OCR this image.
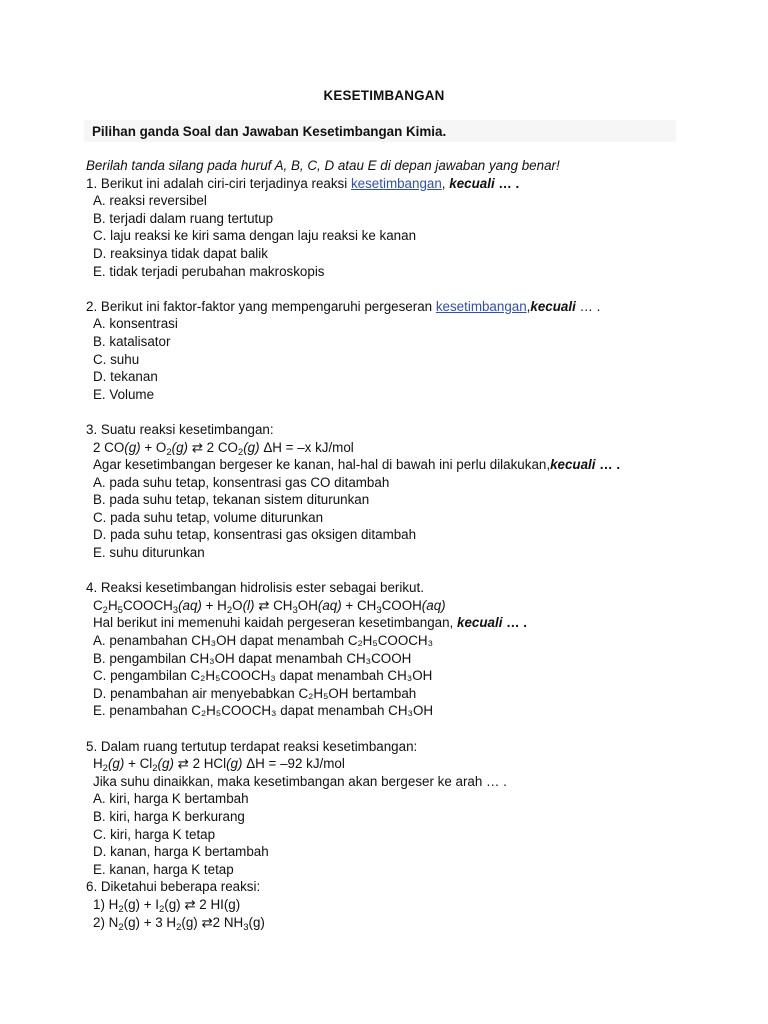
KESETIMBANGAN
Pilihan ganda Soal dan Jawaban Kesetimbangan Kimia.
Berilah tanda silang pada huruf A, B, C, D atau E di depan jawaban yang benar!
1. Berikut ini adalah ciri-ciri terjadinya reaksi kesetimbangan, kecuali … .
A. reaksi reversibel
B. terjadi dalam ruang tertutup
C. laju reaksi ke kiri sama dengan laju reaksi ke kanan
D. reaksinya tidak dapat balik
E. tidak terjadi perubahan makroskopis
2. Berikut ini faktor-faktor yang mempengaruhi pergeseran kesetimbangan,kecuali … .
A. konsentrasi
B. katalisator
C. suhu
D. tekanan
E. Volume
3. Suatu reaksi kesetimbangan:
2 $CO(g) + O_2(g)$ ⇄ 2 $CO_2(g) \Delta H = -x$ kJ/mol
Agar kesetimbangan bergeser ke kanan, hal-hal di bawah ini perlu dilakukan,kecuali … .
A. pada suhu tetap, konsentrasi gas CO ditambah
B. pada suhu tetap, tekanan sistem diturunkan
C. pada suhu tetap, volume diturunkan
D. pada suhu tetap, konsentrasi gas oksigen ditambah
E. suhu diturunkan
4. Reaksi kesetimbangan hidrolisis ester sebagai berikut.
$C_2H_5COOCH_3(aq) + H_2O(l)$ ⇄ $CH_3OH(aq)$ + $CH_3COOH(aq)$
Hal berikut ini memenuhi kaidah pergeseran kesetimbangan, kecuali … .
A. penambahan CH₃OH dapat menambah C₂H₅COOCH₃
B. pengambilan CH₃OH dapat menambah CH₃COOH
C. pengambilan C₂H₅COOCH₃ dapat menambah CH₃OH
D. penambahan air menyebabkan C₂H₅OH bertambah
E. penambahan C₂H₅COOCH₃ dapat menambah CH₃OH
5. Dalam ruang tertutup terdapat reaksi kesetimbangan:
$H_2(g) + Cl_2(g)$ ⇄ 2 HCl(g) ΔH = –92 kJ/mol
Jika suhu dinaikkan, maka kesetimbangan akan bergeser ke arah … .
A. kiri, harga K bertambah
B. kiri, harga K berkurang
C. kiri, harga K tetap
D. kanan, harga K bertambah
E. kanan, harga K tetap
6. Diketahui beberapa reaksi:
1) $H_2(g) + I_2(g)$ ⇄ 2 HI(g)
2) $N_2(g) + 3$ $H_2(g)$ ⇄2 $NH_3(g)$
